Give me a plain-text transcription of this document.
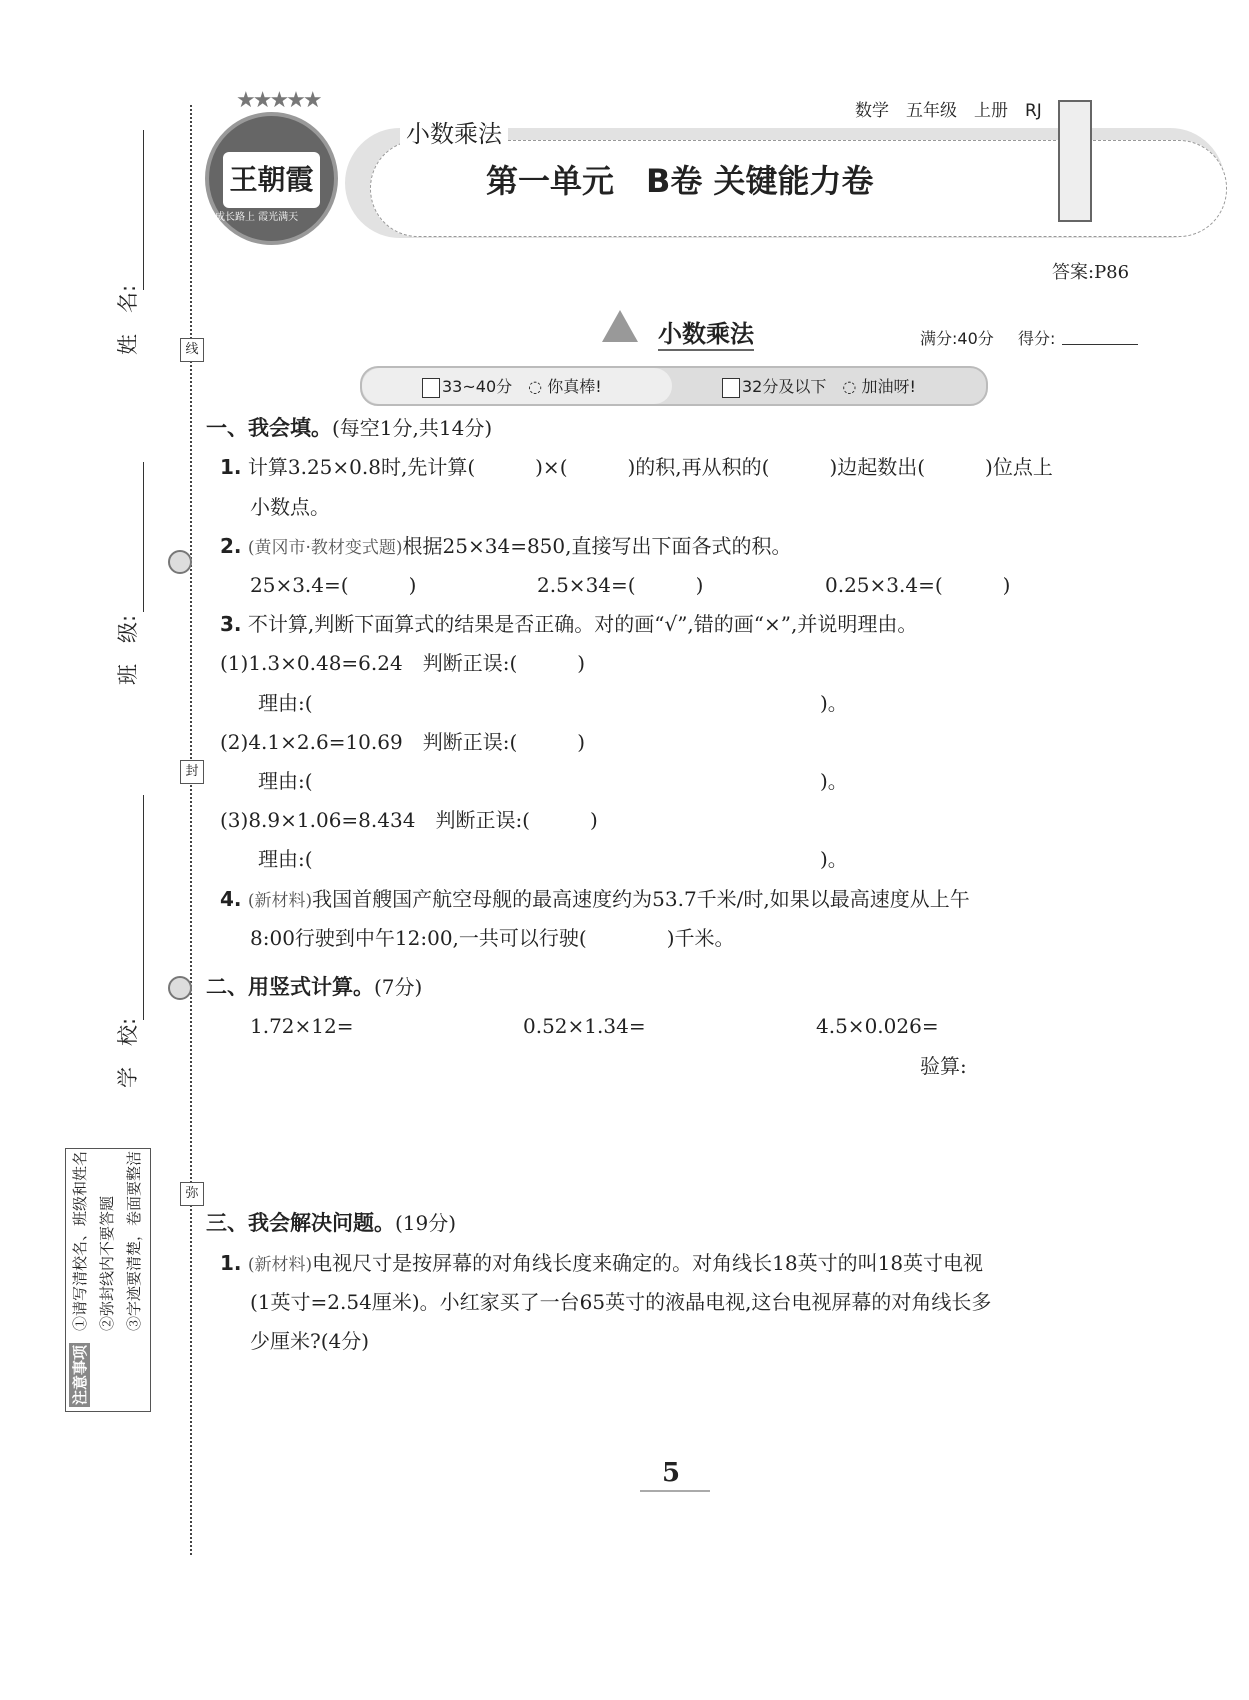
线
封
弥
姓　名:
班　级:
学　校:

注意事项

①请写清校名、班级和姓名

②弥封线内不要答题

③字迹要清楚，卷面要整洁

王朝霞

成长路上 霞光满天

★★★★★	数学　五年级　上册　RJ
小数乘法
第一单元　B卷 关键能力卷
答案:P86
小数乘法	满分:40分 得分:
33~40分　◌ 你真棒!	32分及以下　◌ 加油呀!
一、我会填。(每空1分,共14分)
1. 计算3.25×0.8时,先计算(　　　)×(　　　)的积,再从积的(　　　)边起数出(　　　)位点上
小数点。
2. (黄冈市·教材变式题)根据25×34=850,直接写出下面各式的积。
25×3.4=(　　　)	2.5×34=(　　　)	0.25×3.4=(　　　)
3. 不计算,判断下面算式的结果是否正确。对的画“√”,错的画“×”,并说明理由。
(1)1.3×0.48=6.24　判断正误:(　　　)
理由:(	)。
(2)4.1×2.6=10.69　判断正误:(　　　)
理由:(	)。
(3)8.9×1.06=8.434　判断正误:(　　　)
理由:(	)。
4. (新材料)我国首艘国产航空母舰的最高速度约为53.7千米/时,如果以最高速度从上午
8:00行驶到中午12:00,一共可以行驶(　　　　)千米。
二、用竖式计算。(7分)
1.72×12=	0.52×1.34=	4.5×0.026=
验算:
三、我会解决问题。(19分)
1. (新材料)电视尺寸是按屏幕的对角线长度来确定的。对角线长18英寸的叫18英寸电视
(1英寸=2.54厘米)。小红家买了一台65英寸的液晶电视,这台电视屏幕的对角线长多
少厘米?(4分)
5
